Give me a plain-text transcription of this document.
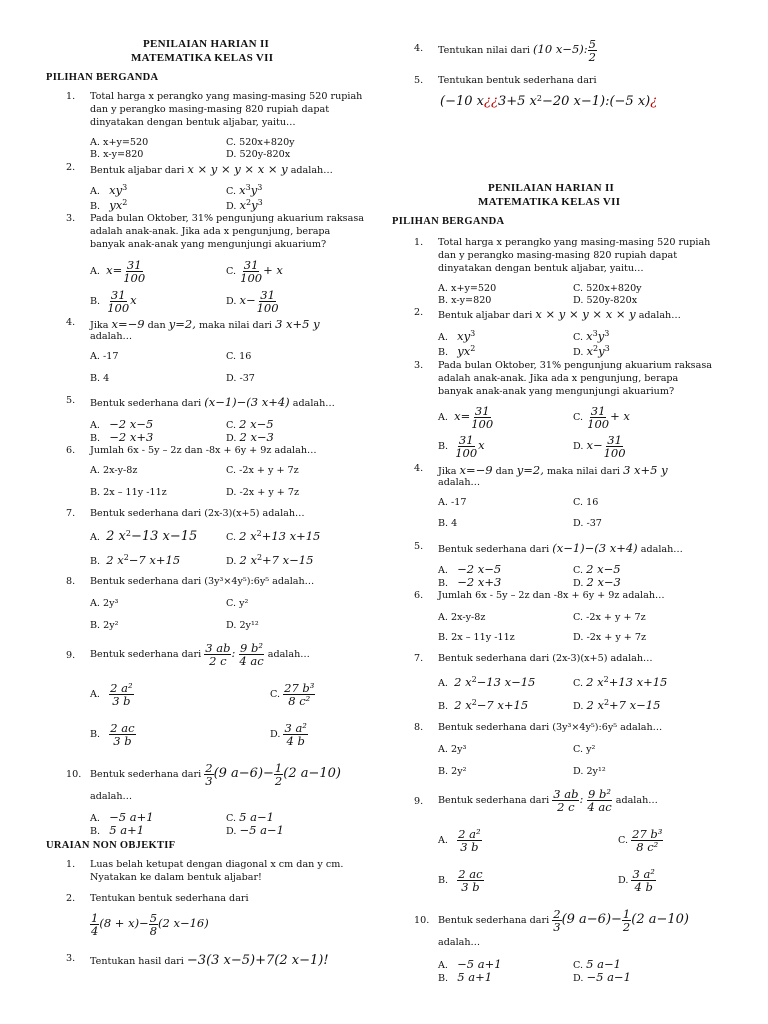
PENILAIAN HARIAN II
MATEMATIKA KELAS VII
PILIHAN BERGANDA
1. Total harga x perangko yang masing-masing 520 rupiah
dan y perangko masing-masing 820 rupiah dapat
dinyatakan dengan bentuk aljabar, yaitu…
A. x+y=520	C. 520x+820y
B. x-y=820	D. 520y-820x
2. Bentuk aljabar dari x × y × y × x × y adalah…
A. $xy^3$	C. $x^3y^3$
B. $yx^2$	D. $x^2y^3$
3. Pada bulan Oktober, 31% pengunjung akuarium raksasa
adalah anak-anak. Jika ada x pengunjung, berapa
banyak anak-anak yang mengunjungi akuarium?
A. $x= \frac{31}{100}$	C. $\frac{31}{100} + x$
B. $\frac{31}{100}$ x	D. $x- \frac{31}{100}$
4. Jika x=−9 dan y=2, maka nilai dari 3 x+5 y
adalah…
A. -17	C. 16
B. 4	D. -37
5. Bentuk sederhana dari (x−1)−(3 x+4) adalah…
A. −2 x−5	C. 2 x−5
B. −2 x+3	D. 2 x−3
6. Jumlah 6x - 5y – 2z dan -8x + 6y + 9z adalah…
A. 2x-y-8z	C. -2x + y + 7z
B. 2x – 11y -11z	D. -2x + y + 7z
7. Bentuk sederhana dari (2x-3)(x+5) adalah…
A. 2 $x^2-13$ x−15	C. 2 $x^2+13$ x+15
B. 2 $x^2-7$ x+15	D. 2 $x^2+7$ x−15
8. Bentuk sederhana dari (3y³×4y⁵):6y⁵ adalah…
A. 2y³	C. y²
B. 2y²	D. 2y¹²
9. Bentuk sederhana dari $\frac{3 ab}{2 c}$ : $\frac{\text{9 b²}}{4 ac}$ adalah…
A. $\frac{\text{2 a²}}{3 b}$	C. $\frac{\text{27 b³}}{\text{8 c²}}$
B. $\frac{2 ac}{3 b}$	D. $\frac{\text{3 a²}}{4 b}$
10. Bentuk sederhana dari $\frac{2}{3} (9$ $a-6)- \frac{1}{2} (2$ a−10)
adalah…
A. −5 a+1	C. 5 a−1
B. 5 a+1	D. −5 a−1
URAIAN NON OBJEKTIF
1. Luas belah ketupat dengan diagonal x cm dan y cm.
Nyatakan ke dalam bentuk aljabar!
2. Tentukan bentuk sederhana dari
$\frac{1}{4} (8 + x)- \frac{5}{8} (2$ x−16)
3. Tentukan hasil dari −3(3 x−5)+7(2 x−1)!
4. Tentukan nilai dari (10 x−5): $\frac{5}{2}$
5. Tentukan bentuk sederhana dari
(−10 x¿¿3+5 $x^2-20$ x−1):(−5 x)¿
PENILAIAN HARIAN II
MATEMATIKA KELAS VII
PILIHAN BERGANDA
1. Total harga x perangko yang masing-masing 520 rupiah
dan y perangko masing-masing 820 rupiah dapat
dinyatakan dengan bentuk aljabar, yaitu…
A. x+y=520	C. 520x+820y
B. x-y=820	D. 520y-820x
2. Bentuk aljabar dari x × y × y × x × y adalah…
A. $xy^3$	C. $x^3y^3$
B. $yx^2$	D. $x^2y^3$
3. Pada bulan Oktober, 31% pengunjung akuarium raksasa
adalah anak-anak. Jika ada x pengunjung, berapa
banyak anak-anak yang mengunjungi akuarium?
A. $x= \frac{31}{100}$	C. $\frac{31}{100} + x$
B. $\frac{31}{100}$ x	D. $x- \frac{31}{100}$
4. Jika x=−9 dan y=2, maka nilai dari 3 x+5 y
adalah…
A. -17	C. 16
B. 4	D. -37
5. Bentuk sederhana dari (x−1)−(3 x+4) adalah…
A. −2 x−5	C. 2 x−5
B. −2 x+3	D. 2 x−3
6. Jumlah 6x - 5y – 2z dan -8x + 6y + 9z adalah…
A. 2x-y-8z	C. -2x + y + 7z
B. 2x – 11y -11z	D. -2x + y + 7z
7. Bentuk sederhana dari (2x-3)(x+5) adalah…
A. 2 $x^2-13$ x−15	C. 2 $x^2+13$ x+15
B. 2 $x^2-7$ x+15	D. 2 $x^2+7$ x−15
8. Bentuk sederhana dari (3y³×4y⁵):6y⁵ adalah…
A. 2y³	C. y²
B. 2y²	D. 2y¹²
9. Bentuk sederhana dari $\frac{3 ab}{2 c}$ : $\frac{\text{9 b²}}{4 ac}$ adalah…
A. $\frac{\text{2 a²}}{3 b}$	C. $\frac{\text{27 b³}}{\text{8 c²}}$
B. $\frac{2 ac}{3 b}$	D. $\frac{\text{3 a²}}{4 b}$
10. Bentuk sederhana dari $\frac{2}{3} (9$ $a-6)- \frac{1}{2} (2$ a−10)
adalah…
A. −5 a+1	C. 5 a−1
B. 5 a+1	D. −5 a−1
